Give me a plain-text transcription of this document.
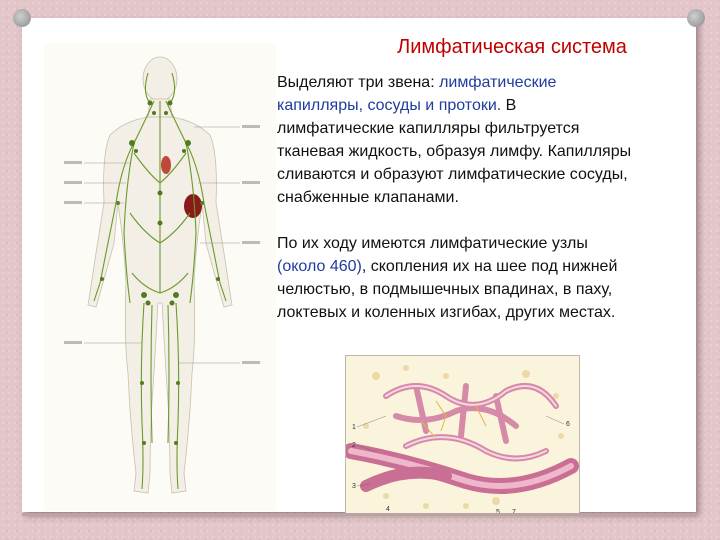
Лимфатическая система

Выделяют три звена: лимфатические капилляры, сосуды и протоки. В лимфатические капилляры фильтруется тканевая жидкость, образуя лимфу. Капилляры сливаются и образуют лимфатические сосуды, снабженные клапанами.

По их ходу имеются лимфатические узлы (около 460), скопления их на шее под нижней челюстью, в подмышечных впадинах, в паху, локтевых и коленных изгибах, других местах.

1
2
3
4
6
